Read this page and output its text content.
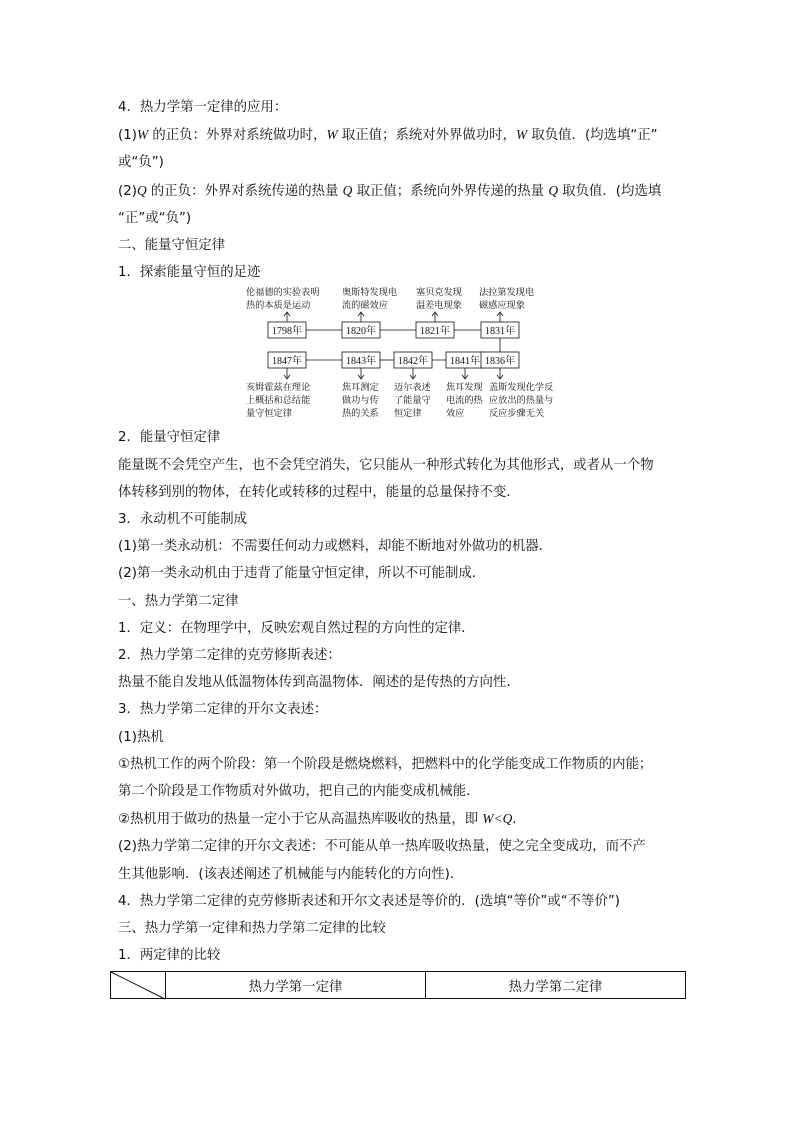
4．热力学第一定律的应用：
(1)W 的正负：外界对系统做功时，W 取正值；系统对外界做功时，W 取负值．(均选填“正”
或“负”)
(2)Q 的正负：外界对系统传递的热量 Q 取正值；系统向外界传递的热量 Q 取负值．(均选填
“正”或“负”)
二、能量守恒定律
1．探索能量守恒的足迹
伦福德的实验表明
热的本质是运动
奥斯特发现电
流的磁效应
塞贝克发现
温差电现象
法拉第发现电
磁感应现象
1798年	1820年	1821年	1831年
1847年	1843年 1842年 1841年 1836年
亥姆霍兹在理论
上概括和总结能
量守恒定律
焦耳测定
做功与传
热的关系
迈尔表述
了能量守
恒定律
焦耳发现
电流的热
效应
盖斯发现化学反
应放出的热量与
反应步骤无关
2．能量守恒定律
能量既不会凭空产生，也不会凭空消失，它只能从一种形式转化为其他形式，或者从一个物
体转移到别的物体，在转化或转移的过程中，能量的总量保持不变．
3．永动机不可能制成
(1)第一类永动机：不需要任何动力或燃料，却能不断地对外做功的机器．
(2)第一类永动机由于违背了能量守恒定律，所以不可能制成．
一、热力学第二定律
1．定义：在物理学中，反映宏观自然过程的方向性的定律．
2．热力学第二定律的克劳修斯表述：
热量不能自发地从低温物体传到高温物体．阐述的是传热的方向性．
3．热力学第二定律的开尔文表述：
(1)热机
①热机工作的两个阶段：第一个阶段是燃烧燃料，把燃料中的化学能变成工作物质的内能；
第二个阶段是工作物质对外做功，把自己的内能变成机械能．
②热机用于做功的热量一定小于它从高温热库吸收的热量，即 W<Q.
(2)热力学第二定律的开尔文表述：不可能从单一热库吸收热量，使之完全变成功，而不产
生其他影响．(该表述阐述了机械能与内能转化的方向性)．
4．热力学第二定律的克劳修斯表述和开尔文表述是等价的．(选填“等价”或“不等价”)
三、热力学第一定律和热力学第二定律的比较
1．两定律的比较
	热力学第一定律	热力学第二定律
